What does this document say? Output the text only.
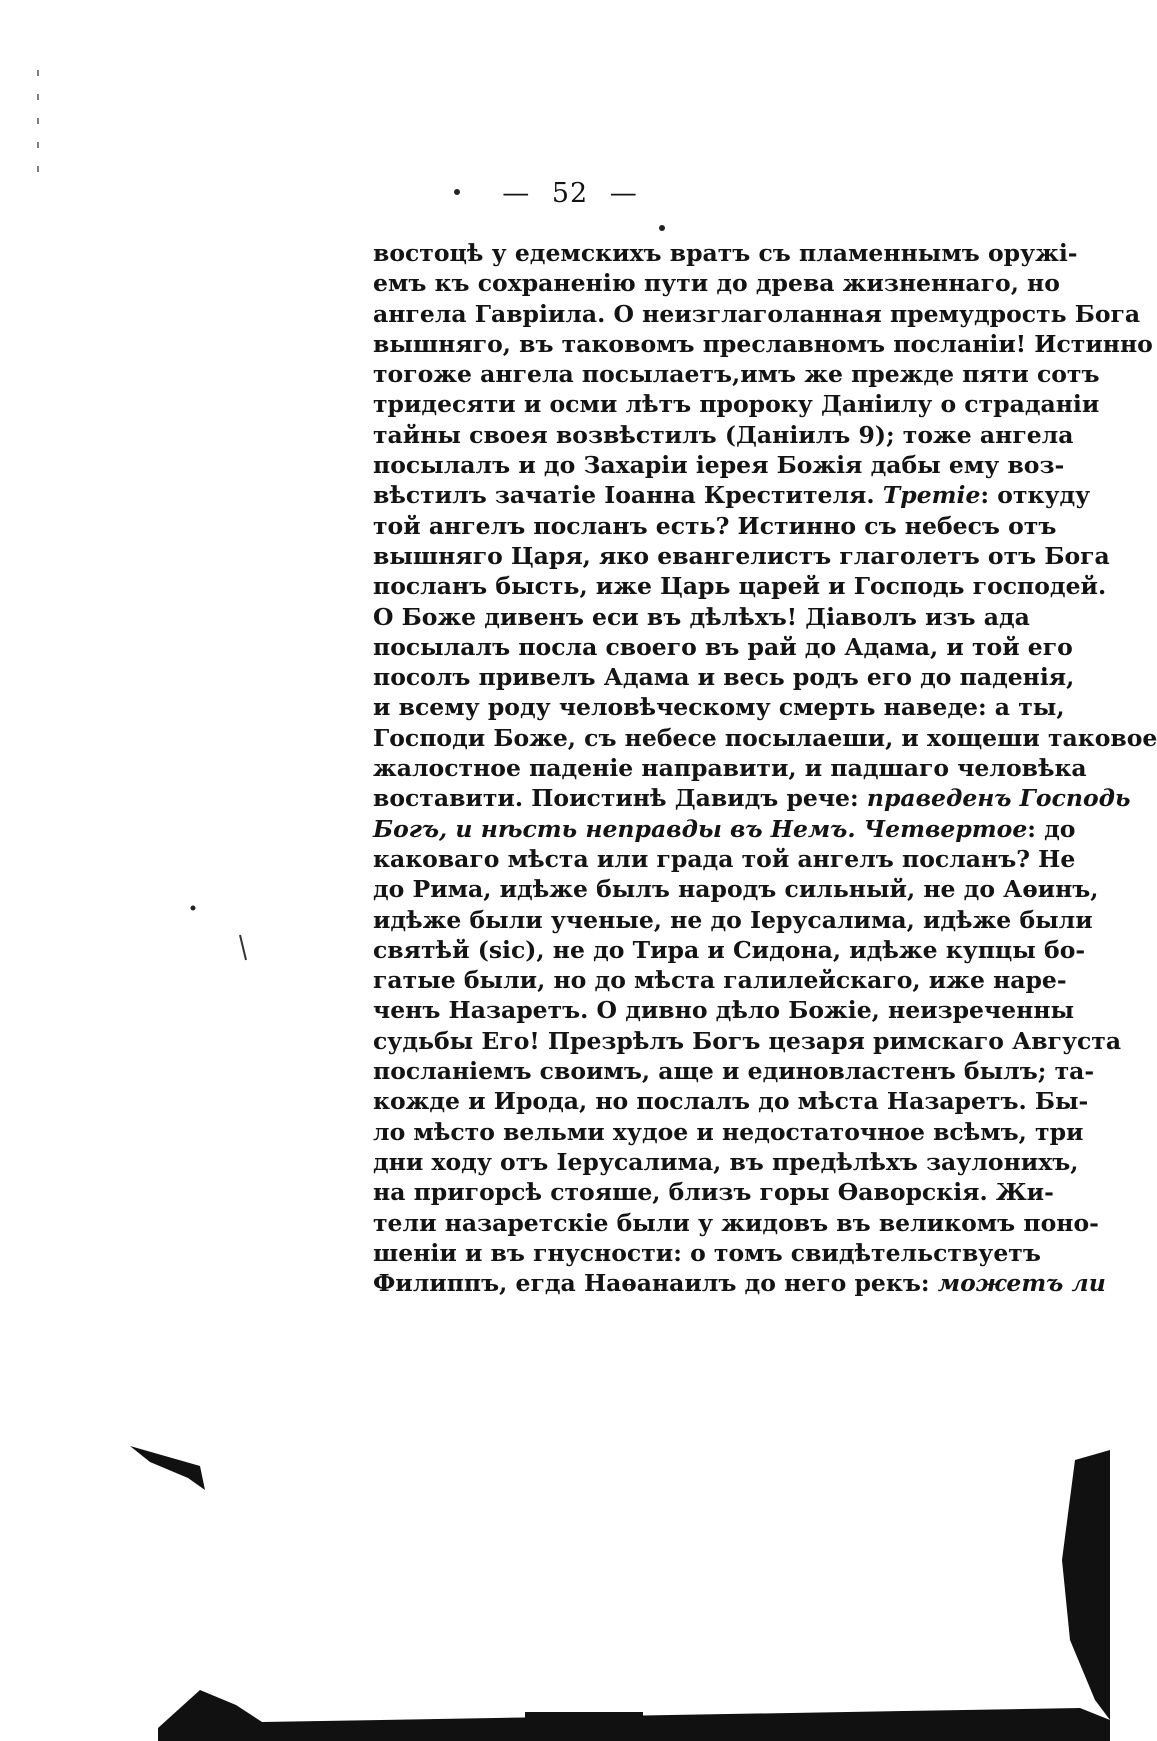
— 52 —
востоцѣ у едемскихъ вратъ съ пламеннымъ оружi-
емъ къ сохраненiю пути до древа жизненнаго, но
ангела Гаврiила. О неизглаголанная премудрость Бога
вышняго, въ таковомъ преславномъ посланiи! Истинно
тогоже ангела посылаетъ,имъ же прежде пяти сотъ
тридесяти и осми лѣтъ пророку Данiилу о страданiи
тайны своея возвѣстилъ (Данiилъ 9); тоже ангела
посылалъ и до Захарiи iерея Божiя дабы ему воз-
вѣстилъ зачатiе Iоанна Крестителя. Третiе: откуду
той ангелъ посланъ есть? Истинно съ небесъ отъ
вышняго Царя, яко евангелистъ глаголетъ отъ Бога
посланъ бысть, иже Царь царей и Господь господей.
О Боже дивенъ еси въ дѣлѣхъ! Дiаволъ изъ ада
посылалъ посла своего въ рай до Адама, и той его
посолъ привелъ Адама и весь родъ его до паденiя,
и всему роду человѣческому смерть наведе: а ты,
Господи Боже, съ небесе посылаеши, и хощеши таковое
жалостное паденiе направити, и падшаго человѣка
воставити. Поистинѣ Давидъ рече: праведенъ Господь
Богъ, и нѣсть неправды въ Немъ. Четвертое: до
каковаго мѣста или града той ангелъ посланъ? Не
до Рима, идѣже былъ народъ сильный, не до Аѳинъ,
идѣже были ученые, не до Iерусалима, идѣже были
святѣй (sic), не до Тира и Сидона, идѣже купцы бо-
гатые были, но до мѣста галилейскаго, иже наре-
ченъ Назаретъ. О дивно дѣло Божiе, неизреченны
судьбы Его! Презрѣлъ Богъ цезаря римскаго Августа
посланiемъ своимъ, аще и единовластенъ былъ; та-
кожде и Ирода, но послалъ до мѣста Назаретъ. Бы-
ло мѣсто вельми худое и недостаточное всѣмъ, три
дни ходу отъ Iерусалима, въ предѣлѣхъ заулонихъ,
на пригорсѣ стояше, близъ горы Ѳаворскiя. Жи-
тели назаретскiе были у жидовъ въ великомъ поно-
шенiи и въ гнусности: о томъ свидѣтельствуетъ
Филиппъ, егда Наѳанаилъ до него рекъ: можетъ ли
